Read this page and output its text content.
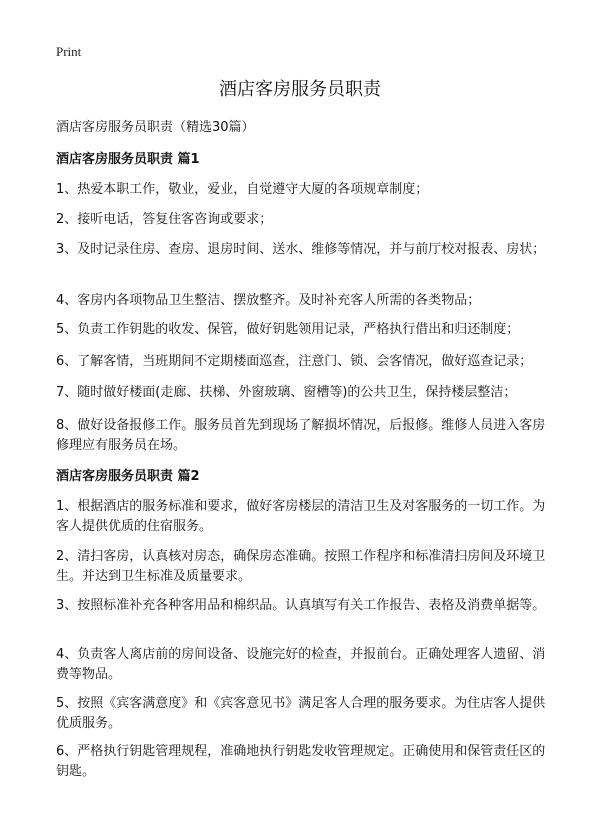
Print
酒店客房服务员职责
酒店客房服务员职责（精选30篇）
酒店客房服务员职责 篇1
1、热爱本职工作，敬业，爱业，自觉遵守大厦的各项规章制度；
2、接听电话，答复住客咨询或要求；
3、及时记录住房、查房、退房时间、送水、维修等情况，并与前厅校对报表、房状；
4、客房内各项物品卫生整洁、摆放整齐。及时补充客人所需的各类物品；
5、负责工作钥匙的收发、保管，做好钥匙领用记录，严格执行借出和归还制度；
6、了解客情，当班期间不定期楼面巡查，注意门、锁、会客情况，做好巡查记录；
7、随时做好楼面(走廊、扶梯、外窗玻璃、窗槽等)的公共卫生，保持楼层整洁；
8、做好设备报修工作。服务员首先到现场了解损坏情况，后报修。维修人员进入客房修理应有服务员在场。
酒店客房服务员职责 篇2
1、根据酒店的服务标准和要求，做好客房楼层的清洁卫生及对客服务的一切工作。为客人提供优质的住宿服务。
2、清扫客房，认真核对房态，确保房态准确。按照工作程序和标准清扫房间及环境卫生。并达到卫生标准及质量要求。
3、按照标准补充各种客用品和棉织品。认真填写有关工作报告、表格及消费单据等。
4、负责客人离店前的房间设备、设施完好的检查，并报前台。正确处理客人遗留、消费等物品。
5、按照《宾客满意度》和《宾客意见书》满足客人合理的服务要求。为住店客人提供优质服务。
6、严格执行钥匙管理规程，准确地执行钥匙发收管理规定。正确使用和保管责任区的钥匙。
